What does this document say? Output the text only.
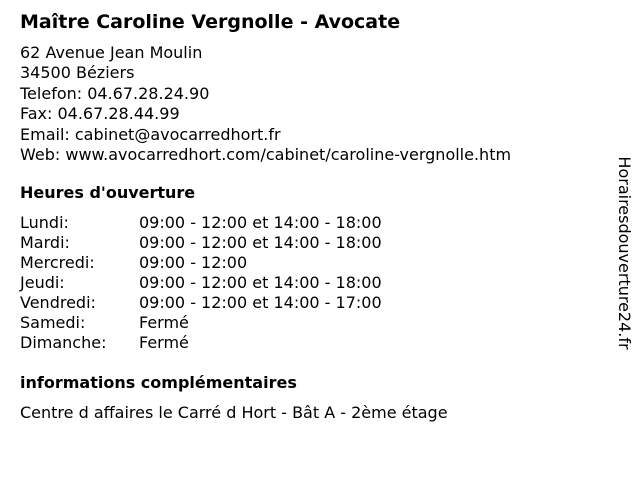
Maître Caroline Vergnolle - Avocate
62 Avenue Jean Moulin
34500 Béziers
Telefon: 04.67.28.24.90
Fax: 04.67.28.44.99
Email: cabinet@avocarredhort.fr
Web: www.avocarredhort.com/cabinet/caroline-vergnolle.htm
Heures d'ouverture
Lundi:	09:00 - 12:00 et 14:00 - 18:00
Mardi:	09:00 - 12:00 et 14:00 - 18:00
Mercredi:	09:00 - 12:00
Jeudi:	09:00 - 12:00 et 14:00 - 18:00
Vendredi:	09:00 - 12:00 et 14:00 - 17:00
Samedi:	Fermé
Dimanche: Fermé
informations complémentaires
Centre d affaires le Carré d Hort - Bât A - 2ème étage
Horairesdouverture24.fr
